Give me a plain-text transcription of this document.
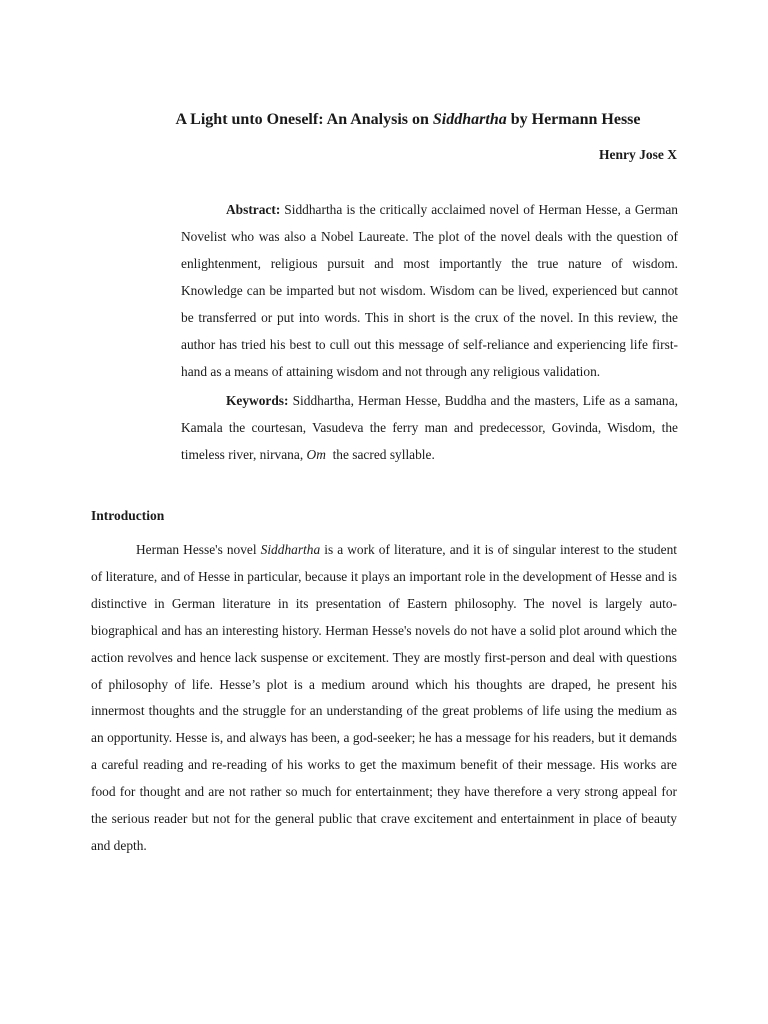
A Light unto Oneself: An Analysis on Siddhartha by Hermann Hesse
Henry Jose X

Abstract: Siddhartha is the critically acclaimed novel of Herman Hesse, a German Novelist who was also a Nobel Laureate. The plot of the novel deals with the question of enlightenment, religious pursuit and most importantly the true nature of wisdom. Knowledge can be imparted but not wisdom. Wisdom can be lived, experienced but cannot be transferred or put into words. This in short is the crux of the novel. In this review, the author has tried his best to cull out this message of self-reliance and experiencing life first-hand as a means of attaining wisdom and not through any religious validation.

Keywords: Siddhartha, Herman Hesse, Buddha and the masters, Life as a samana, Kamala the courtesan, Vasudeva the ferry man and predecessor, Govinda, Wisdom, the timeless river, nirvana, Om  the sacred syllable.

Introduction

Herman Hesse's novel Siddhartha is a work of literature, and it is of singular interest to the student of literature, and of Hesse in particular, because it plays an important role in the development of Hesse and is distinctive in German literature in its presentation of Eastern philosophy. The novel is largely auto-biographical and has an interesting history. Herman Hesse's novels do not have a solid plot around which the action revolves and hence lack suspense or excitement. They are mostly first-person and deal with questions of philosophy of life. Hesse’s plot is a medium around which his thoughts are draped, he present his innermost thoughts and the struggle for an understanding of the great problems of life using the medium as an opportunity. Hesse is, and always has been, a god-seeker; he has a message for his readers, but it demands a careful reading and re-reading of his works to get the maximum benefit of their message. His works are food for thought and are not rather so much for entertainment; they have therefore a very strong appeal for the serious reader but not for the general public that crave excitement and entertainment in place of beauty and depth.
